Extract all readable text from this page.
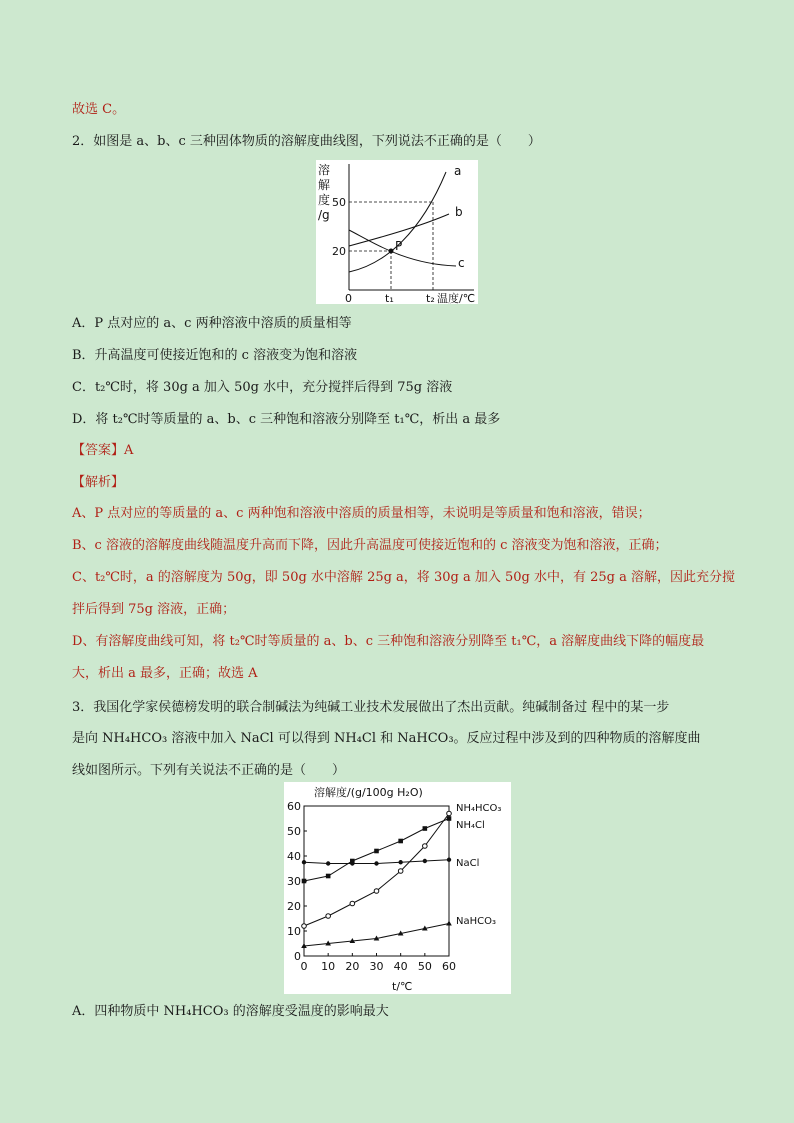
故选 C。
2．如图是 a、b、c 三种固体物质的溶解度曲线图，下列说法不正确的是（　　）
溶
解
度
/g
P
a
b
c
50
20
0	t₁	t₂ 温度/℃
A．P 点对应的 a、c 两种溶液中溶质的质量相等
B．升高温度可使接近饱和的 c 溶液变为饱和溶液
C．t₂℃时，将 30g a 加入 50g 水中，充分搅拌后得到 75g 溶液
D．将 t₂℃时等质量的 a、b、c 三种饱和溶液分别降至 t₁℃，析出 a 最多
【答案】A
【解析】
A、P 点对应的等质量的 a、c 两种饱和溶液中溶质的质量相等，未说明是等质量和饱和溶液，错误；
B、c 溶液的溶解度曲线随温度升高而下降，因此升高温度可使接近饱和的 c 溶液变为饱和溶液，正确；
C、t₂℃时，a 的溶解度为 50g，即 50g 水中溶解 25g a，将 30g a 加入 50g 水中，有 25g a 溶解，因此充分搅
拌后得到 75g 溶液，正确；
D、有溶解度曲线可知，将 t₂℃时等质量的 a、b、c 三种饱和溶液分别降至 t₁℃，a 溶解度曲线下降的幅度最
大，析出 a 最多，正确；故选 A
3．我国化学家侯德榜发明的联合制碱法为纯碱工业技术发展做出了杰出贡献。纯碱制备过 程中的某一步
是向 NH₄HCO₃ 溶液中加入 NaCl 可以得到 NH₄Cl 和 NaHCO₃。反应过程中涉及到的四种物质的溶解度曲
线如图所示。下列有关说法不正确的是（　　）
溶解度/(g/100g H₂O)
t/℃
0
10
20
30
40
50
60
0 10 20 30 40 50 60
NH₄HCO₃
NH₄Cl
NaCl
NaHCO₃
A．四种物质中 NH₄HCO₃ 的溶解度受温度的影响最大
